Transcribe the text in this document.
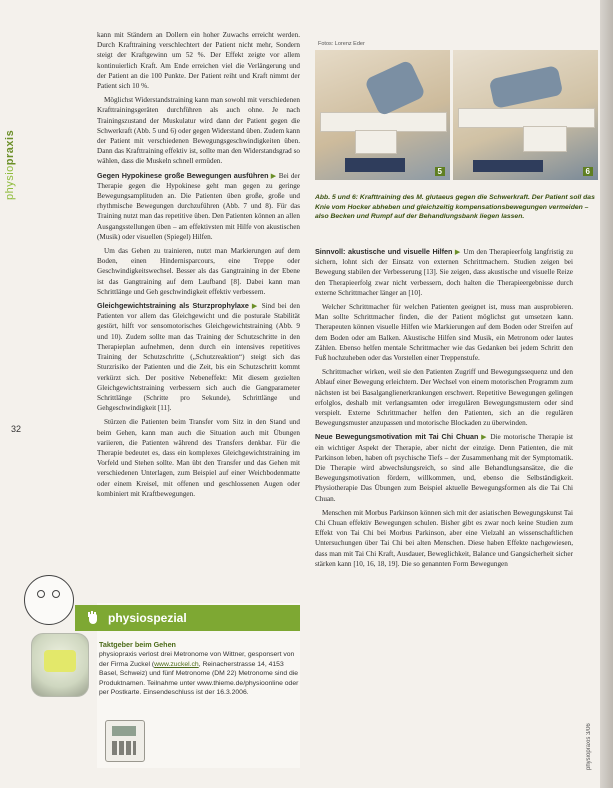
physiopraxis
32

kann mit Ständern an Dollern ein hoher Zuwachs erreicht werden. Durch Krafttraining verschlechtert der Patient nicht mehr, Sondern steigt der Kraftgewinn um 52 %. Der Effekt zeigte vor allem kontinuierlich Kraft. Am Ende erreichen viel die Verlängerung und der Patient an die 100 Punkte. Der Patient reiht und Kraft nimmt der Patient sich 10 %.

Möglichst Widerstandstraining kann man sowohl mit verschiedenen Krafttrainingsgeräten durchführen als auch ohne. Je nach Trainingszustand der Muskulatur wird dann der Patient gegen die Schwerkraft (Abb. 5 und 6) oder gegen Widerstand üben. Zudem kann der Patient mit verschiedenen Bewegungsgeschwindigkeiten üben. Dann das Krafttraining effektiv ist, sollte man den Widerstandsgrad so wählen, dass die Muskeln schnell ermüden.

Gegen Hypokinese große Bewegungen ausführen ▶ Bei der Therapie gegen die Hypokinese geht man gegen zu geringe Bewegungsamplituden an. Die Patienten üben große, große und rhythmische Bewegungen durchzuführen (Abb. 7 und 8). Für das Training nutzt man das repetitive üben. Den Patienten können an allen Ausgangsstellungen üben – am effektivsten mit Hilfe von akustischen (Musik) oder visuellen (Spiegel) Hilfen.

Um das Gehen zu trainieren, nutzt man Markierungen auf dem Boden, einen Hindernisparcours, eine Treppe oder Geschwindigkeitswechsel. Besser als das Gangtraining in der Ebene ist das Gangtraining auf dem Laufband [8]. Dabei kann man Schrittlänge und Geh geschwindigkeit effektiv verbessern.

Gleichgewichtstraining als Sturzprophylaxe ▶ Sind bei den Patienten vor allem das Gleichgewicht und die posturale Stabilität gestört, hilft vor sensomotorisches Gleichgewichtstraining (Abb. 9 und 10). Zudem sollte man das Training der Schutzschritte in den Therapieplan aufnehmen, denn durch ein intensives repetitives Training der Schutzschritte („Schutzreaktion“) steigt sich das Sturzrisiko der Patienten und die Zeit, bis ein Schutzschritt kommt verkürzt sich. Der positive Nebeneffekt: Mit diesem gezielten Gleichgewichtstraining verbessern sich auch die Gangparameter Schrittlänge (Schritte pro Sekunde), Schrittlänge und Gehgeschwindigkeit [11].

Stürzen die Patienten beim Transfer vom Sitz in den Stand und beim Gehen, kann man auch die Situation auch mit Übungen variieren, die Patienten während des Transfers denkbar. Für die Therapie bedeutet es, dass ein komplexes Gleichgewichtstraining im Vorfeld und Stehen sollte. Man übt den Transfer und das Gehen mit verschiedenen Unterlagen, zum Beispiel auf einer Weichbodenmatte oder einem Kreisel, mit offenen und geschlossenen Augen oder kombiniert mit Kraftbewegungen.

Fotos: Lorenz Eder
5	6
Abb. 5 und 6: Krafttraining des M. glutaeus gegen die Schwerkraft. Der Patient soll das Knie vom Hocker abheben und gleichzeitig kompensationsbewegungen vermeiden – also Becken und Rumpf auf der Behandlungsbank liegen lassen.

Sinnvoll: akustische und visuelle Hilfen ▶ Um den Therapieerfolg langfristig zu sichern, lohnt sich der Einsatz von externen Schrittmachern. Studien zeigen bei Bewegung stabilen der Verbesserung [13]. Sie zeigen, dass akustische und visuelle Reize den Therapieerfolg zwar nicht verbessern, doch halten die Therapieergebnisse durch externe Schrittmacher länger an [10].

Welcher Schrittmacher für welchen Patienten geeignet ist, muss man ausprobieren. Man sollte Schrittmacher finden, die der Patient möglichst gut umsetzen kann. Therapeuten können visuelle Hilfen wie Markierungen auf dem Boden oder Streifen auf dem Boden oder am Balken. Akustische Hilfen sind Musik, ein Metronom oder lautes Zählen. Ebenso helfen mentale Schrittmacher wie das Gedanken bei jedem Schritt den Fuß hochzuheben oder das Vorstellen einer Treppenstufe.

Schrittmacher wirken, weil sie den Patienten Zugriff und Bewegungssequenz und den Ablauf einer Bewegung erleichtern. Der Wechsel von einem motorischen Programm zum nächsten ist bei Basalganglienerkrankungen erschwert. Repetitive Bewegungen gelingen erfolglos, deshalb mit verlangsamten oder irregulären Bewegungsmustern oder sind verspielt. Externe Schrittmacher helfen den Patienten, sich an die regulären Bewegungsmuster anzupassen und motorische Blockaden zu überwinden.

Neue Bewegungsmotivation mit Tai Chi Chuan ▶ Die motorische Therapie ist ein wichtiger Aspekt der Therapie, aber nicht der einzige. Denn Patienten, die mit Parkinson leben, haben oft psychische Tiefs – der Zusammenhang mit der Symptomatik. Die Therapie wird abwechslungsreich, so sind alle Behandlungsansätze, die die Bewegungsmotivation fördern, willkommen, und, ebenso die Selbständigkeit. Physiotherapie Das Übungen zum Beispiel aktuelle Bewegungsformen als die Tai Chi Chuan.

Menschen mit Morbus Parkinson können sich mit der asiatischen Bewegungskunst Tai Chi Chuan effektiv Bewegungen schulen. Bisher gibt es zwar noch keine Studien zum Effekt von Tai Chi bei Morbus Parkinson, aber eine Vielzahl an wissenschaftlichen Untersuchungen über Tai Chi bei alten Menschen. Diese haben Effekte nachgewiesen, dass man mit Tai Chi Kraft, Ausdauer, Beweglichkeit, Balance und Gangsicherheit sicher stärken kann [10, 16, 18, 19]. Die so genannten Form Bewegungen

physiospezial
Taktgeber beim Gehen
physiopraxis verlost drei Metronome von Wittner, gesponsert von der Firma Zuckel (www.zuckel.ch, Reinacherstrasse 14, 4153 Basel, Schweiz) und fünf Metronome (DM 22) Metronome sind die Produktnamen. Teilnahme unter www.thieme.de/physioonline oder per Postkarte. Einsendeschluss ist der 16.3.2006.
physiopraxis 3/06
